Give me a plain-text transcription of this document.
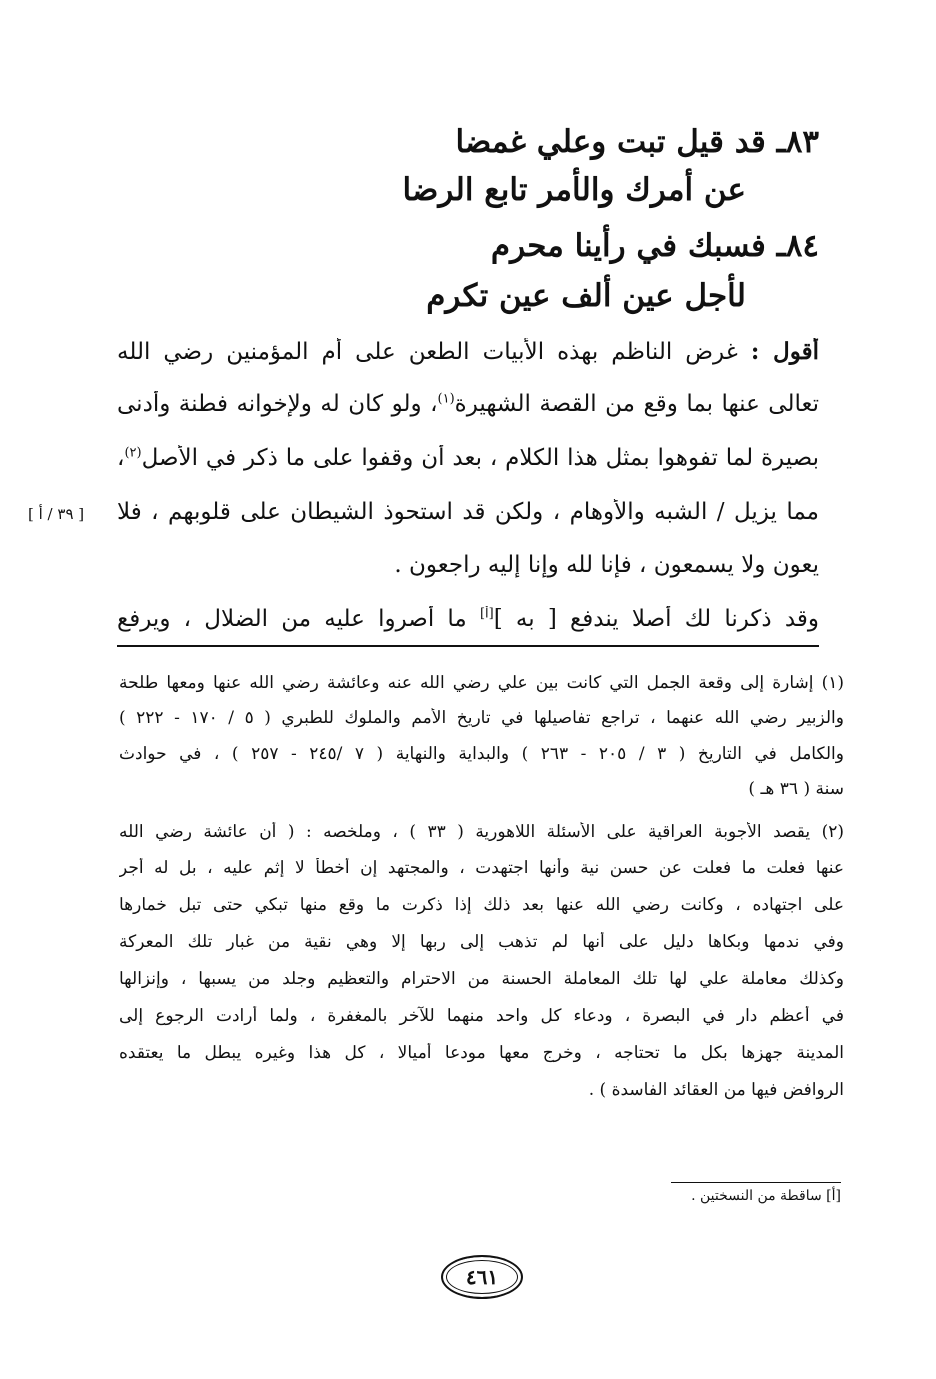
٨٣ـ قد قيل تبت وعلي غمضا
عن أمرك والأمر تابع الرضا
٨٤ـ فسبك في رأينا محرم
لأجل عين ألف عين تكرم
أقول : غرض الناظم بهذه الأبيات الطعن على أم المؤمنين رضي الله
تعالى عنها بما وقع من القصة الشهيرة$^{(١)}$، ولو كان له ولإخوانه فطنة وأدنى
بصيرة لما تفوهوا بمثل هذا الكلام ، بعد أن وقفوا على ما ذكر في الأصل$^{(٢)}$،
مما يزيل / الشبه والأوهام ، ولكن قد استحوذ الشيطان على قلوبهم ، فلا
يعون ولا يسمعون ، فإنا لله وإنا إليه راجعون .
وقد ذكرنا لك أصلا يندفع [ به ][أ] ما أصروا عليه من الضلال ، ويرفع
[ ٣٩ / أ ]
(١) إشارة إلى وقعة الجمل التي كانت بين علي رضي الله عنه وعائشة رضي الله عنها ومعها طلحة
والزبير رضي الله عنهما ، تراجع تفاصيلها في تاريخ الأمم والملوك للطبري ( ٥ / ١٧٠ - ٢٢٢ )
والكامل في التاريخ ( ٣ / ٢٠٥ - ٢٦٣ ) والبداية والنهاية ( ٧ /٢٤٥ - ٢٥٧ ) ، في حوادث
سنة ( ٣٦ هـ )
(٢) يقصد الأجوبة العراقية على الأسئلة اللاهورية ( ٣٣ ) ، وملخصه : ( أن عائشة رضي الله
عنها فعلت ما فعلت عن حسن نية وأنها اجتهدت ، والمجتهد إن أخطأ لا إثم عليه ، بل له أجر
على اجتهاده ، وكانت رضي الله عنها بعد ذلك إذا ذكرت ما وقع منها تبكي حتى تبل خمارها
وفي ندمها وبكاها دليل على أنها لم تذهب إلى ربها إلا وهي نقية من غبار تلك المعركة
وكذلك معاملة علي لها تلك المعاملة الحسنة من الاحترام والتعظيم وجلد من يسبها ، وإنزالها
في أعظم دار في البصرة ، ودعاء كل واحد منهما للآخر بالمغفرة ، ولما أرادت الرجوع إلى
المدينة جهزها بكل ما تحتاجه ، وخرج معها مودعا أميالا ، كل هذا وغيره يبطل ما يعتقده
الروافض فيها من العقائد الفاسدة ) .
[أ] ساقطة من النسختين .
٤٦١
